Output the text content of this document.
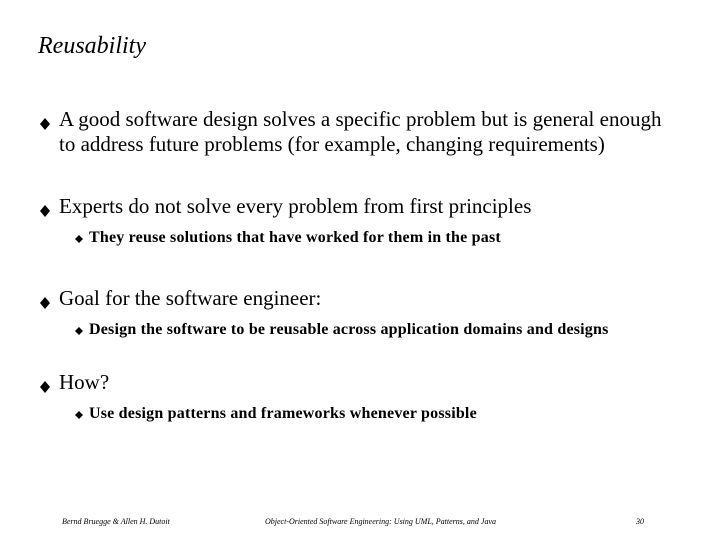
Reusability
A good software design solves a specific problem but is general enough to address future problems (for example, changing requirements)
Experts do not solve every problem from first principles
They reuse solutions that have worked for them in the past
Goal for the software engineer:
Design the software to be reusable across application domains and designs
How?
Use design patterns and frameworks whenever possible
Bernd Bruegge & Allen H. Dutoit	Object-Oriented Software Engineering: Using UML, Patterns, and Java	30
